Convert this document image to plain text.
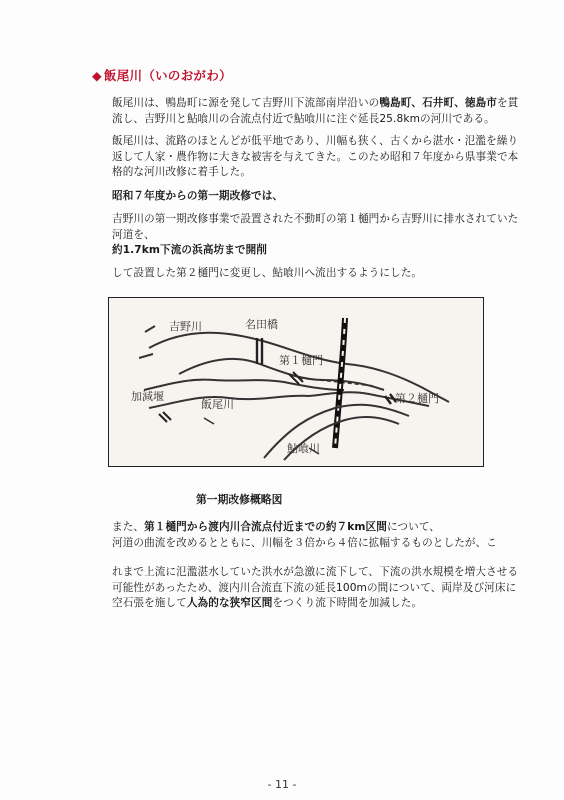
◆ 飯尾川（いのおがわ）
飯尾川は、鴨島町に源を発して吉野川下流部南岸沿いの鴨島町、石井町、徳島市を貫流し、吉野川と鮎喰川の合流点付近で鮎喰川に注ぐ延長25.8kmの河川である。
飯尾川は、流路のほとんどが低平地であり、川幅も狭く、古くから湛水・氾濫を繰り返して人家・農作物に大きな被害を与えてきた。このため昭和７年度から県事業で本格的な河川改修に着手した。
昭和７年度からの第一期改修では、
吉野川の第一期改修事業で設置された不動町の第１樋門から吉野川に排水されていた河道を、
約1.7km下流の浜高坊まで開削
して設置した第２樋門に変更し、鮎喰川へ流出するようにした。
吉野川	名田橋
第１樋門
第２樋門
加減堰
飯尾川
鮎喰川
第一期改修概略図
また、第１樋門から渡内川合流点付近までの約７km区間について、
河道の曲流を改めるとともに、川幅を３倍から４倍に拡幅するものとしたが、こ
れまで上流に氾濫湛水していた洪水が急激に流下して、下流の洪水規模を増大させる可能性があったため、渡内川合流直下流の延長100mの間について、両岸及び河床に空石張を施して人為的な狭窄区間をつくり流下時間を加減した。
- 11 -
